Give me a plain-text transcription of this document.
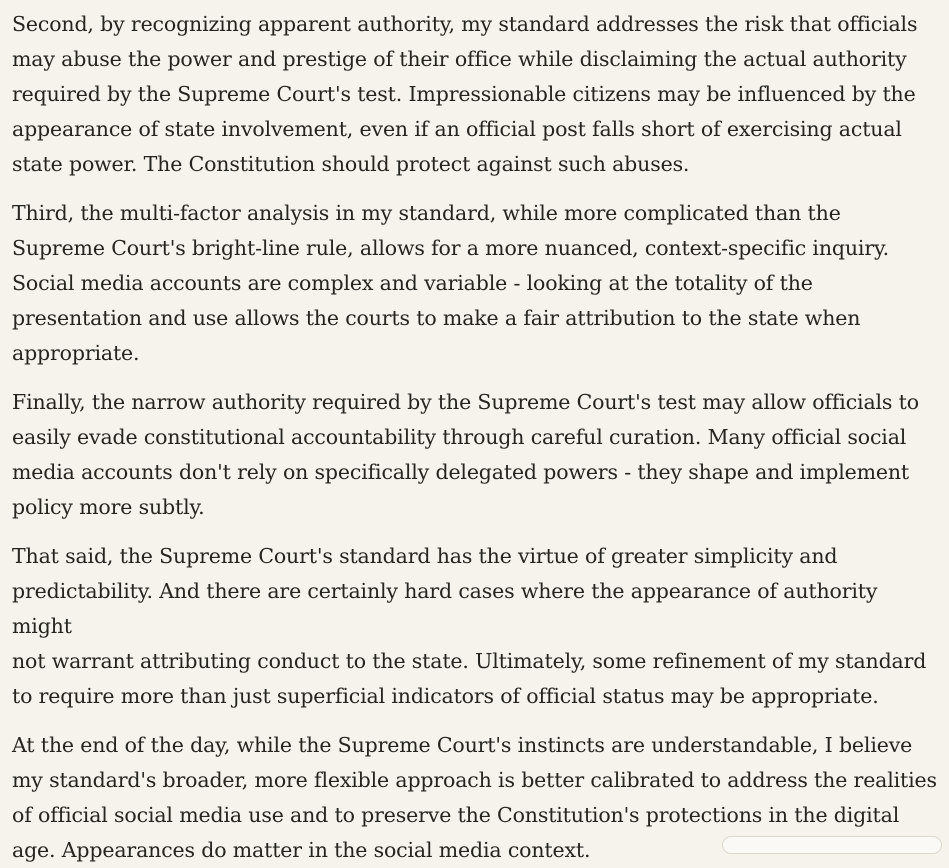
Second, by recognizing apparent authority, my standard addresses the risk that officials
may abuse the power and prestige of their office while disclaiming the actual authority
required by the Supreme Court's test. Impressionable citizens may be influenced by the
appearance of state involvement, even if an official post falls short of exercising actual
state power. The Constitution should protect against such abuses.

Third, the multi-factor analysis in my standard, while more complicated than the
Supreme Court's bright-line rule, allows for a more nuanced, context-specific inquiry.
Social media accounts are complex and variable - looking at the totality of the
presentation and use allows the courts to make a fair attribution to the state when
appropriate.

Finally, the narrow authority required by the Supreme Court's test may allow officials to
easily evade constitutional accountability through careful curation. Many official social
media accounts don't rely on specifically delegated powers - they shape and implement
policy more subtly.

That said, the Supreme Court's standard has the virtue of greater simplicity and
predictability. And there are certainly hard cases where the appearance of authority might
not warrant attributing conduct to the state. Ultimately, some refinement of my standard
to require more than just superficial indicators of official status may be appropriate.

At the end of the day, while the Supreme Court's instincts are understandable, I believe
my standard's broader, more flexible approach is better calibrated to address the realities
of official social media use and to preserve the Constitution's protections in the digital
age. Appearances do matter in the social media context.
